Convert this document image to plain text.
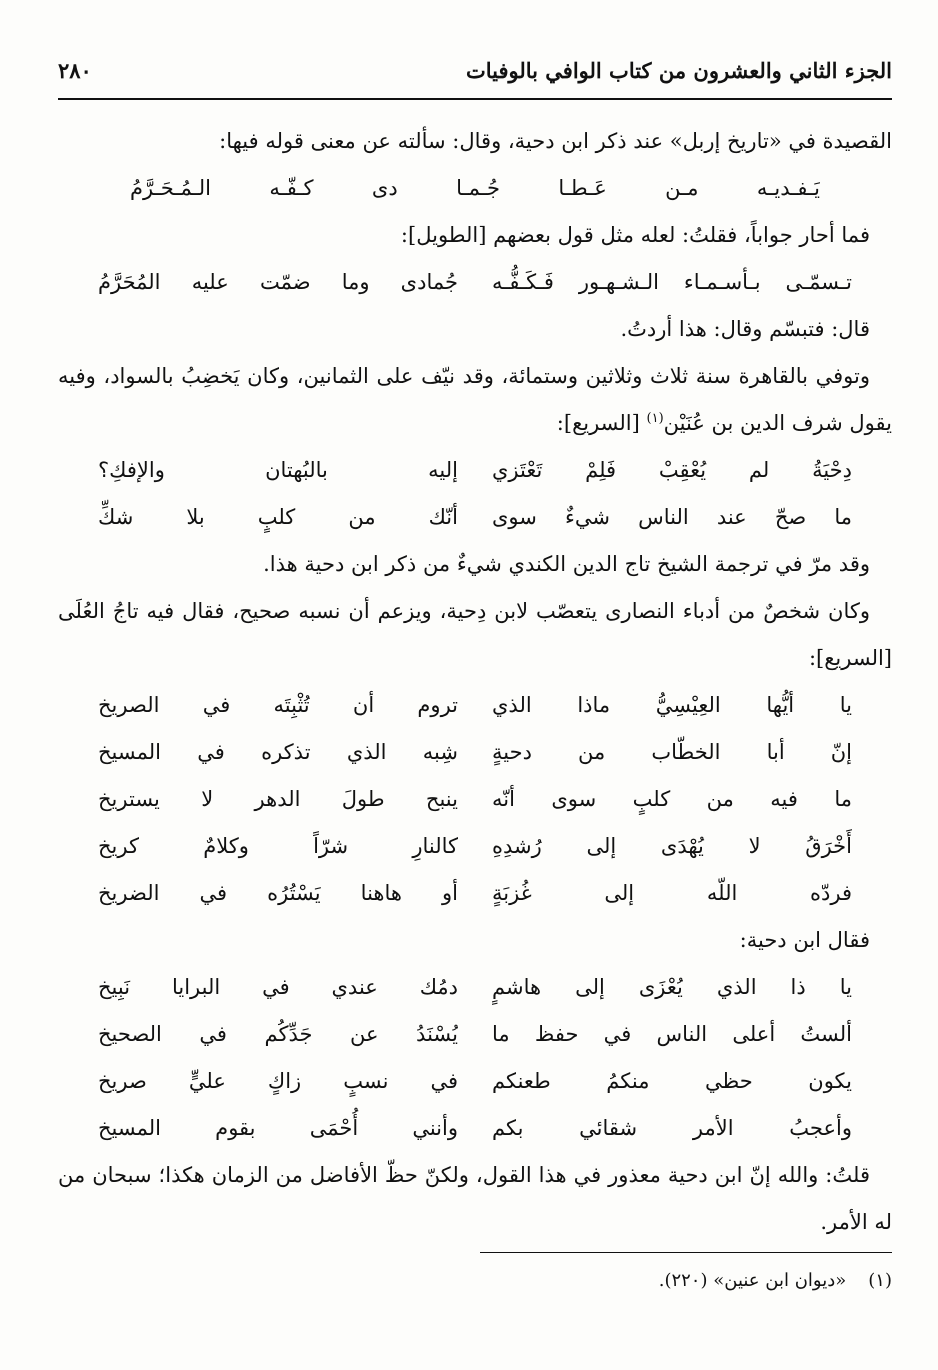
الجزء الثاني والعشرون من كتاب الوافي بالوفيات
٢٨٠

القصيدة في «تاريخ إربل» عند ذكر ابن دحية، وقال: سألته عن معنى قوله فيها:

يَـفـديـه مـن عَـطـا جُـمـا دى كـفّـه الـمُـحَـرَّمُ

فما أحار جواباً، فقلتُ: لعله مثل قول بعضهم [الطويل]:

تـسمّـى بـأسـمـاء الـشـهـور فَـكَـفُّـه
جُمادى وما ضمّت عليه المُحَرَّمُ

قال: فتبسّم وقال: هذا أردتُ.

وتوفي بالقاهرة سنة ثلاث وثلاثين وستمائة، وقد نيّف على الثمانين، وكان يَخضِبُ بالسواد، وفيه يقول شرف الدين بن عُنَيْن$^{(١)}$ [السريع]:

دِحْيَةُ لم يُعْقِبْ فَلِمْ تَعْتَزي
إليه بالبُهتان والإفكِ؟
ما صحّ عند الناس شيءٌ سوى
أنّك من كلبٍ بلا شكِّ

وقد مرّ في ترجمة الشيخ تاج الدين الكندي شيءٌ من ذكر ابن دحية هذا.

وكان شخصٌ من أدباء النصارى يتعصّب لابن دِحية، ويزعم أن نسبه صحيح، فقال فيه تاجُ العُلَى [السريع]:

يا أيُّها العِيْسِيُّ ماذا الذي
تروم أن تُثْبِتَه في الصريخ
إنّ أبا الخطّاب من دحيةٍ
شِبه الذي تذكره في المسيخ
ما فيه من كلبٍ سوى أنّه
ينبح طولَ الدهر لا يستريخ
أَخْرَقُ لا يُهْدَى إلى رُشدِهِ
كالنارِ شرّاً وكلامٌ كريخ
فردّه اللّه إلى غُزبَةٍ
أو هاهنا يَسْتُرُه في الضريخ

فقال ابن دحية:

يا ذا الذي يُعْزَى إلى هاشمٍ
دمُك عندي في البرايا نَبِيخ
ألستُ أعلى الناس في حفظ ما
يُسْنَدُ عن جَدِّكُم في الصحيخ
يكون حظي منكمُ طعنكم
في نسبٍ زاكٍ عليٍّ صريخ
وأعجبُ الأمر شقائي بكم
وأنني أُحْمَى بقوم المسيخ

قلتُ: والله إنّ ابن دحية معذور في هذا القول، ولكنّ حظّ الأفاضل من الزمان هكذا؛ سبحان من له الأمر.

(١)
«ديوان ابن عنين» (٢٢٠).
